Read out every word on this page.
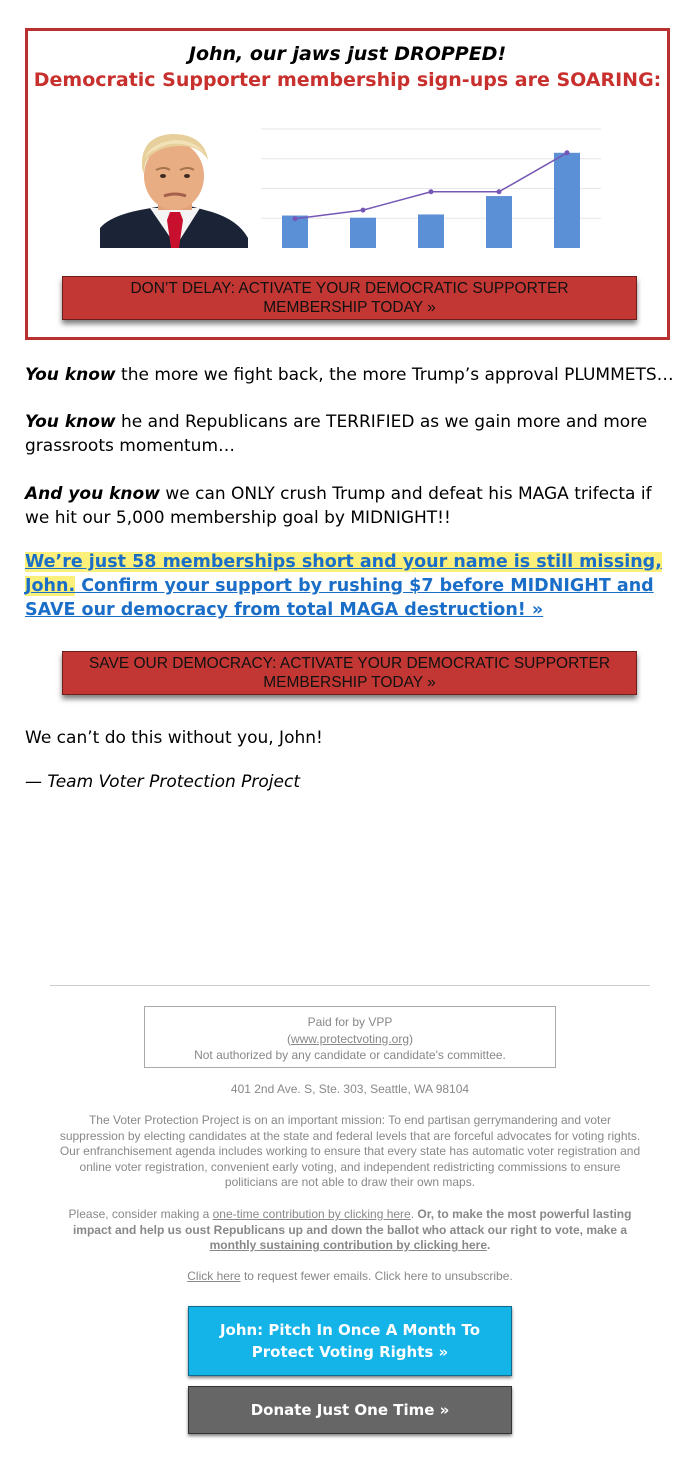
John, our jaws just DROPPED!
Democratic Supporter membership sign-ups are SOARING:
DON’T DELAY: ACTIVATE YOUR DEMOCRATIC SUPPORTER MEMBERSHIP TODAY »
You know the more we fight back, the more Trump’s approval PLUMMETS…
You know he and Republicans are TERRIFIED as we gain more and more grassroots momentum…
And you know we can ONLY crush Trump and defeat his MAGA trifecta if we hit our 5,000 membership goal by MIDNIGHT!!
We’re just 58 memberships short and your name is still missing, John. Confirm your support by rushing $7 before MIDNIGHT and SAVE our democracy from total MAGA destruction! »
SAVE OUR DEMOCRACY: ACTIVATE YOUR DEMOCRATIC SUPPORTER MEMBERSHIP TODAY »
We can’t do this without you, John!
— Team Voter Protection Project
Paid for by VPP
(www.protectvoting.org)
Not authorized by any candidate or candidate's committee.
401 2nd Ave. S, Ste. 303, Seattle, WA 98104
The Voter Protection Project is on an important mission: To end partisan gerrymandering and voter suppression by electing candidates at the state and federal levels that are forceful advocates for voting rights. Our enfranchisement agenda includes working to ensure that every state has automatic voter registration and online voter registration, convenient early voting, and independent redistricting commissions to ensure politicians are not able to draw their own maps.
Please, consider making a one-time contribution by clicking here. Or, to make the most powerful lasting impact and help us oust Republicans up and down the ballot who attack our right to vote, make a monthly sustaining contribution by clicking here.
Click here to request fewer emails. Click here to unsubscribe.
John: Pitch In Once A Month To Protect Voting Rights »
Donate Just One Time »
